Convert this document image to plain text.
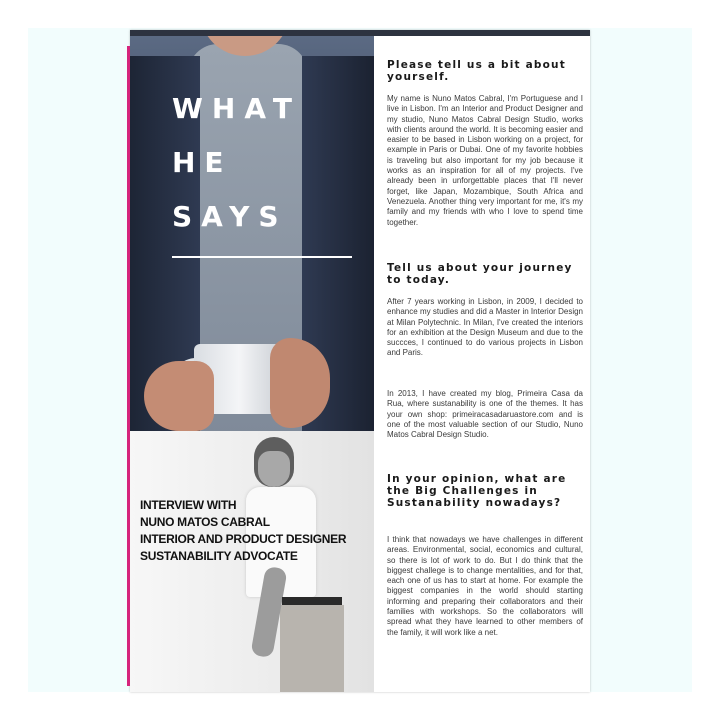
WHAT
HE
SAYS
INTERVIEW WITH
NUNO MATOS CABRAL
INTERIOR AND PRODUCT DESIGNER
SUSTANABILITY ADVOCATE
Please tell us a bit about yourself.
My name is Nuno Matos Cabral, I'm Portuguese and I live in Lisbon. I'm an Interior and Product Designer and my studio, Nuno Matos Cabral Design Studio, works with clients around the world. It is becoming easier and easier to be based in Lisbon working on a project, for example in Paris or Dubai. One of my favorite hobbies is traveling but also important for my job because it works as an inspiration for all of my projects. I've already been in unforgettable places that I'll never forget, like Japan, Mozambique, South Africa and Venezuela. Another thing very important for me, it's my family and my friends with who I love to spend time together.
Tell us about your journey to today.
After 7 years working in Lisbon, in 2009, I decided to enhance my studies and did a Master in Interior Design at Milan Polytechnic. In Milan, I've created the interiors for an exhibition at the Design Museum and due to the succces, I continued to do various projects in Lisbon and Paris.
In 2013, I have created my blog, Primeira Casa da Rua, where sustanability is one of the themes. It has your own shop: primeiracasadaruastore.com and is one of the most valuable section of our Studio, Nuno Matos Cabral Design Studio.
In your opinion, what are the Big Challenges in Sustanability nowadays?
I think that nowadays we have challenges in different areas. Environmental, social, economics and cultural, so there is lot of work to do. But I do think that the biggest challege is to change mentalities, and for that, each one of us has to start at home. For example the biggest companies in the world should starting informing and preparing their collaborators and their families with workshops. So the collaborators will spread what they have learned to other members of the family, it will work like a net.
